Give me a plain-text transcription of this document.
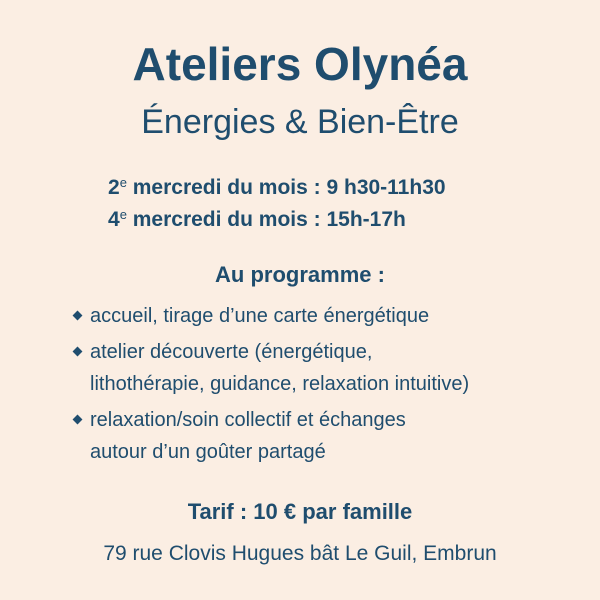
Ateliers Olynéa
Énergies & Bien-Être
2e mercredi du mois : 9 h30-11h30
4e mercredi du mois : 15h-17h
Au programme :
accueil, tirage d’une carte énergétique
atelier découverte (énergétique,
lithothérapie, guidance, relaxation intuitive)
relaxation/soin collectif et échanges
autour d’un goûter partagé
Tarif : 10 € par famille
79 rue Clovis Hugues bât Le Guil, Embrun
